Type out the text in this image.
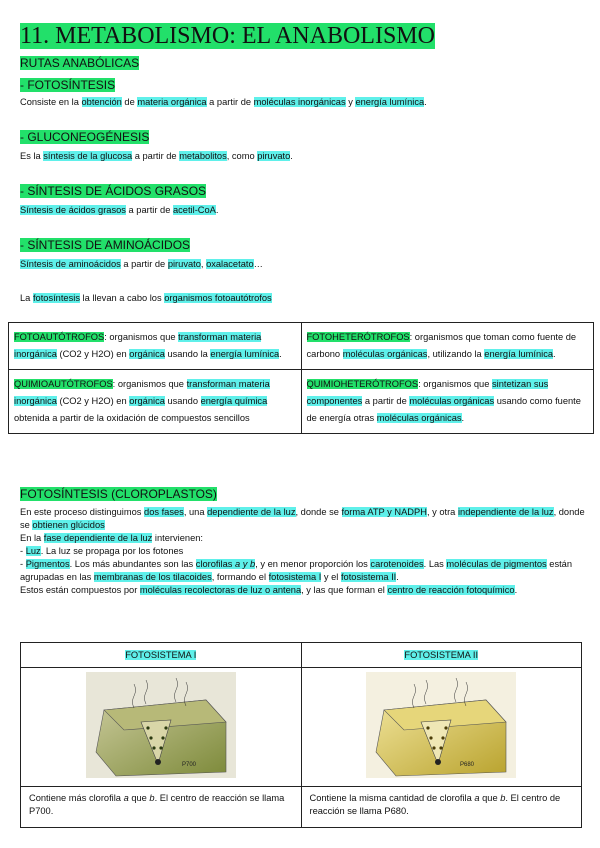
11. METABOLISMO: EL ANABOLISMO
RUTAS ANABÓLICAS
- FOTOSÍNTESIS
Consiste en la obtención de materia orgánica a partir de moléculas inorgánicas y energía lumínica.
- GLUCONEOGÉNESIS
Es la síntesis de la glucosa a partir de metabolitos, como piruvato.
- SÍNTESIS DE ÁCIDOS GRASOS
Síntesis de ácidos grasos a partir de acetil-CoA.
- SÍNTESIS DE AMINOÁCIDOS
Síntesis de aminoácidos a partir de piruvato, oxalacetato…
La fotosíntesis la llevan a cabo los organismos fotoautótrofos
FOTOAUTÓTROFOS: organismos que transforman materia inorgánica (CO2 y H2O) en orgánica usando la energía lumínica.	FOTOHETERÓTROFOS: organismos que toman como fuente de carbono moléculas orgánicas, utilizando la energía lumínica.
QUIMIOAUTÓTROFOS: organismos que transforman materia inorgánica (CO2 y H2O) en orgánica usando energía química obtenida a partir de la oxidación de compuestos sencillos	QUIMIOHETERÓTROFOS: organismos que sintetizan sus componentes a partir de moléculas orgánicas usando como fuente de energía otras moléculas orgánicas.
FOTOSÍNTESIS (CLOROPLASTOS)
En este proceso distinguimos dos fases, una dependiente de la luz, donde se forma ATP y NADPH, y otra independiente de la luz, donde se obtienen glúcidos
En la fase dependiente de la luz intervienen:
- Luz. La luz se propaga por los fotones
- Pigmentos. Los más abundantes son las clorofilas a y b, y en menor proporción los carotenoides. Las moléculas de pigmentos están agrupadas en las membranas de los tilacoides, formando el fotosistema I y el fotosistema II.
Estos están compuestos por moléculas recolectoras de luz o antena, y las que forman el centro de reacción fotoquímico.
FOTOSISTEMA I	FOTOSISTEMA II

P700	P680

Contiene más clorofila a que b. El centro de reacción se llama P700.	Contiene la misma cantidad de clorofila a que b. El centro de reacción se llama P680.
